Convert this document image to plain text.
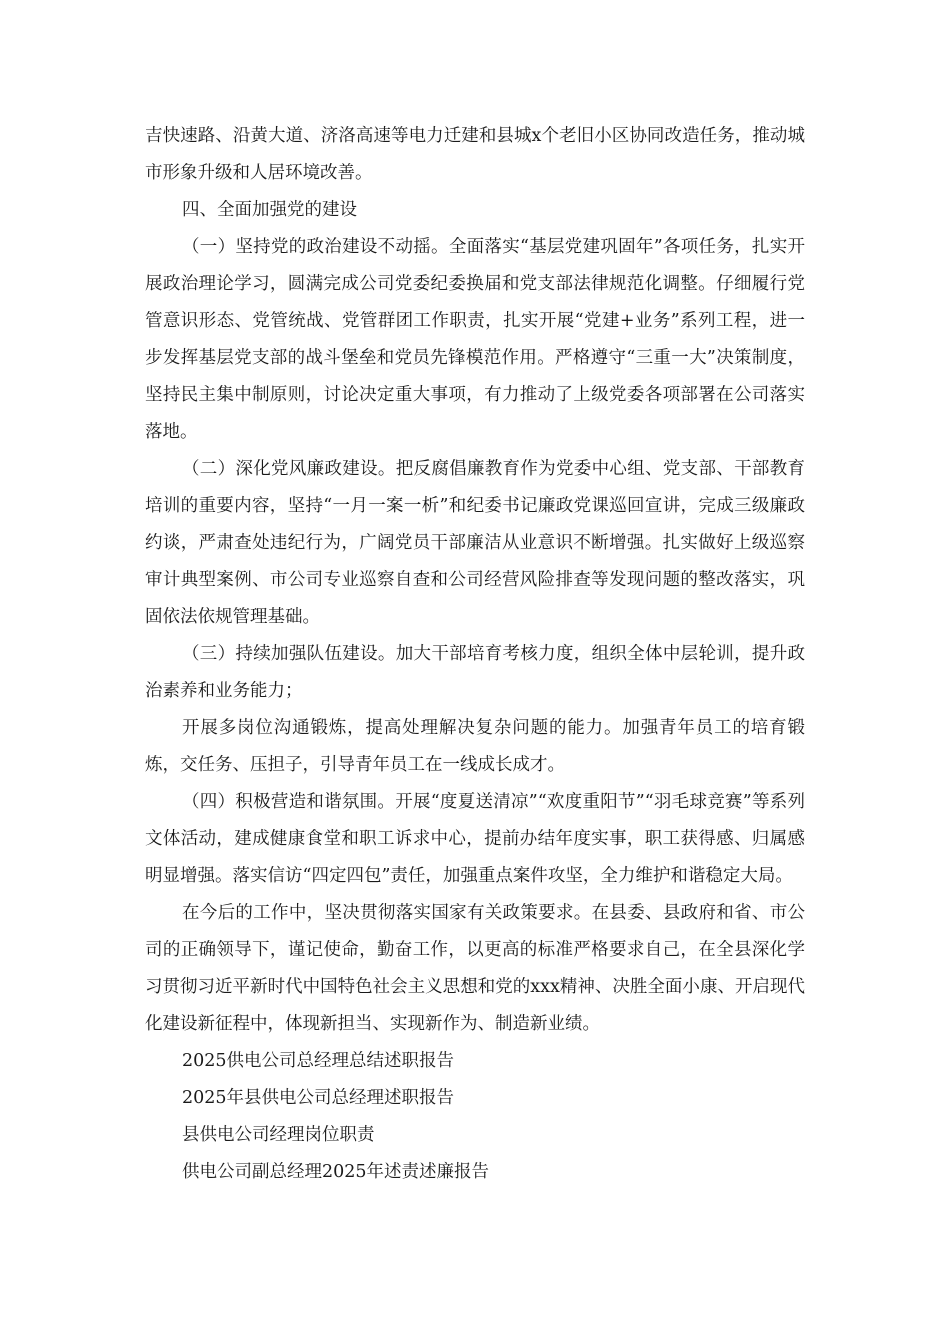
吉快速路、沿黄大道、济洛高速等电力迁建和县城x个老旧小区协同改造任务，推动城市形象升级和人居环境改善。

四、全面加强党的建设

（一）坚持党的政治建设不动摇。全面落实“基层党建巩固年”各项任务，扎实开展政治理论学习，圆满完成公司党委纪委换届和党支部法律规范化调整。仔细履行党管意识形态、党管统战、党管群团工作职责，扎实开展“党建+业务”系列工程，进一步发挥基层党支部的战斗堡垒和党员先锋模范作用。严格遵守“三重一大”决策制度，坚持民主集中制原则，讨论决定重大事项，有力推动了上级党委各项部署在公司落实落地。

（二）深化党风廉政建设。把反腐倡廉教育作为党委中心组、党支部、干部教育培训的重要内容，坚持“一月一案一析”和纪委书记廉政党课巡回宣讲，完成三级廉政约谈，严肃查处违纪行为，广阔党员干部廉洁从业意识不断增强。扎实做好上级巡察审计典型案例、市公司专业巡察自查和公司经营风险排查等发现问题的整改落实，巩固依法依规管理基础。

（三）持续加强队伍建设。加大干部培育考核力度，组织全体中层轮训，提升政治素养和业务能力；

开展多岗位沟通锻炼，提高处理解决复杂问题的能力。加强青年员工的培育锻炼，交任务、压担子，引导青年员工在一线成长成才。

（四）积极营造和谐氛围。开展“度夏送清凉”“欢度重阳节”“羽毛球竞赛”等系列文体活动，建成健康食堂和职工诉求中心，提前办结年度实事，职工获得感、归属感明显增强。落实信访“四定四包”责任，加强重点案件攻坚，全力维护和谐稳定大局。

在今后的工作中，坚决贯彻落实国家有关政策要求。在县委、县政府和省、市公司的正确领导下，谨记使命，勤奋工作，以更高的标准严格要求自己，在全县深化学习贯彻习近平新时代中国特色社会主义思想和党的xxx精神、决胜全面小康、开启现代化建设新征程中，体现新担当、实现新作为、制造新业绩。

2025供电公司总经理总结述职报告

2025年县供电公司总经理述职报告

县供电公司经理岗位职责

供电公司副总经理2025年述责述廉报告
